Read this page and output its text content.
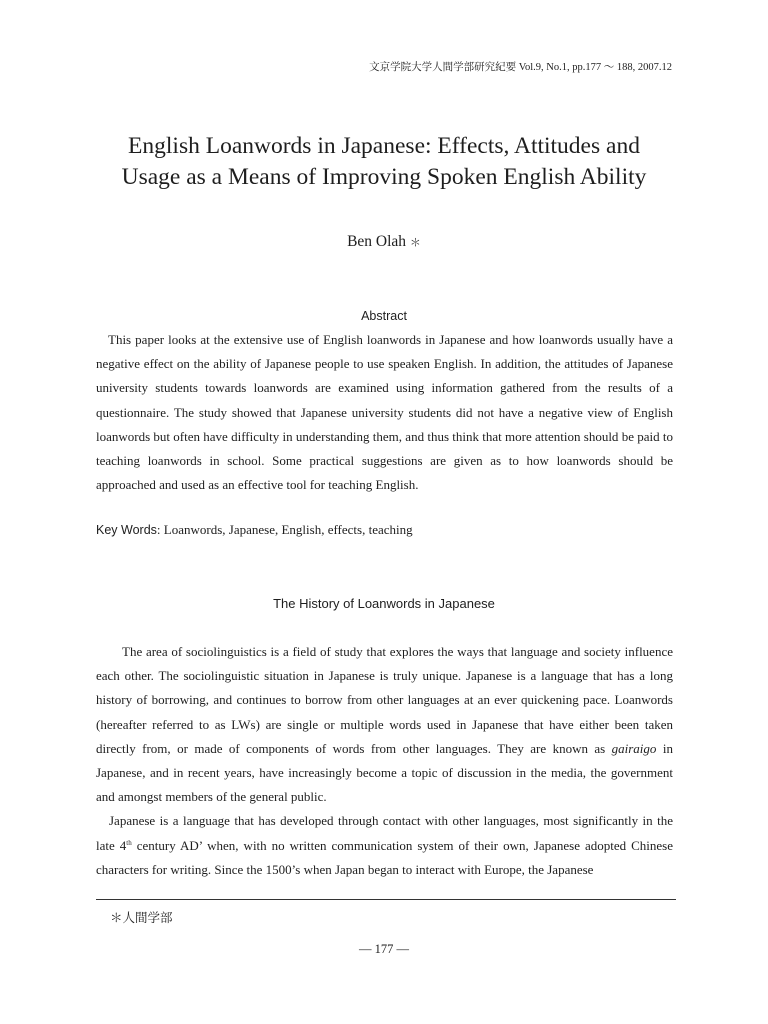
文京学院大学人間学部研究紀要 Vol.9, No.1, pp.177 ～ 188, 2007.12
English Loanwords in Japanese: Effects, Attitudes and
Usage as a Means of Improving Spoken English Ability
Ben Olah ＊
Abstract

This paper looks at the extensive use of English loanwords in Japanese and how loanwords usually have a negative effect on the ability of Japanese people to use speaken English. In addition, the attitudes of Japanese university students towards loanwords are examined using information gathered from the results of a questionnaire. The study showed that Japanese university students did not have a negative view of English loanwords but often have difficulty in understanding them, and thus think that more attention should be paid to teaching loanwords in school. Some practical suggestions are given as to how loanwords should be approached and used as an effective tool for teaching English.

Key Words: Loanwords, Japanese, English, effects, teaching
The History of Loanwords in Japanese

The area of sociolinguistics is a field of study that explores the ways that language and society influence each other. The sociolinguistic situation in Japanese is truly unique. Japanese is a language that has a long history of borrowing, and continues to borrow from other languages at an ever quickening pace. Loanwords (hereafter referred to as LWs) are single or multiple words used in Japanese that have either been taken directly from, or made of components of words from other languages. They are known as gairaigo in Japanese, and in recent years, have increasingly become a topic of discussion in the media, the government and amongst members of the general public.

Japanese is a language that has developed through contact with other languages, most significantly in the late 4th century AD’ when, with no written communication system of their own, Japanese adopted Chinese characters for writing. Since the 1500’s when Japan began to interact with Europe, the Japanese

＊人間学部
— 177 —
